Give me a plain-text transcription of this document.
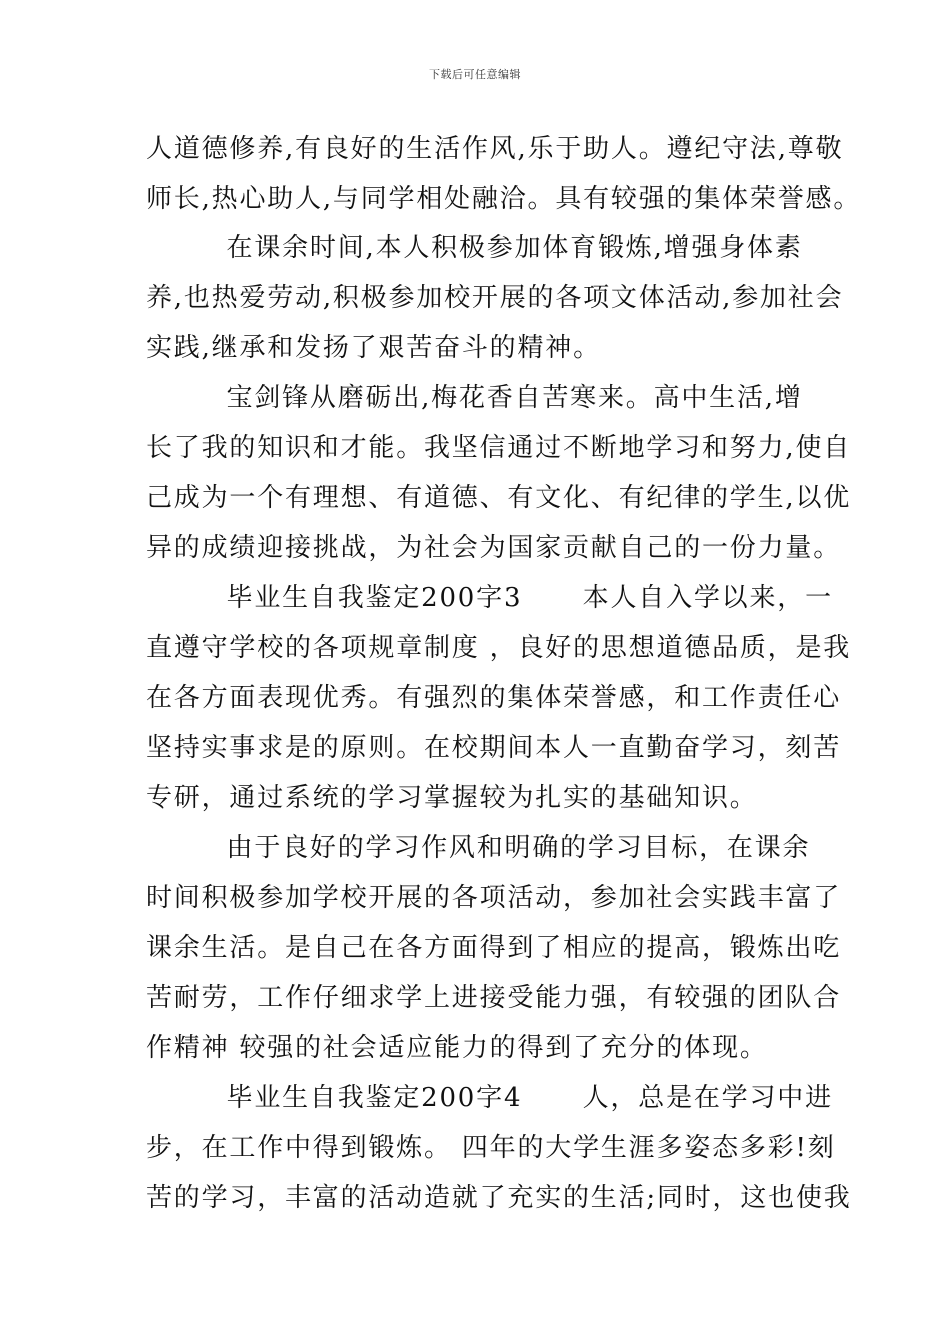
下载后可任意编辑
人道德修养,有良好的生活作风,乐于助人。遵纪守法,尊敬
师长,热心助人,与同学相处融洽。具有较强的集体荣誉感。
在课余时间,本人积极参加体育锻炼,增强身体素
养,也热爱劳动,积极参加校开展的各项文体活动,参加社会
实践,继承和发扬了艰苦奋斗的精神。
宝剑锋从磨砺出,梅花香自苦寒来。高中生活,增
长了我的知识和才能。我坚信通过不断地学习和努力,使自
己成为一个有理想、有道德、有文化、有纪律的学生,以优
异的成绩迎接挑战，为社会为国家贡献自己的一份力量。
毕业生自我鉴定200字3      本人自入学以来，一
直遵守学校的各项规章制度 ，良好的思想道德品质，是我
在各方面表现优秀。有强烈的集体荣誉感，和工作责任心
坚持实事求是的原则。在校期间本人一直勤奋学习，刻苦
专研，通过系统的学习掌握较为扎实的基础知识。
由于良好的学习作风和明确的学习目标，在课余
时间积极参加学校开展的各项活动，参加社会实践丰富了
课余生活。是自己在各方面得到了相应的提高，锻炼出吃
苦耐劳，工作仔细求学上进接受能力强，有较强的团队合
作精神 较强的社会适应能力的得到了充分的体现。
毕业生自我鉴定200字4      人，总是在学习中进
步，在工作中得到锻炼。 四年的大学生涯多姿态多彩!刻
苦的学习，丰富的活动造就了充实的生活;同时，这也使我
